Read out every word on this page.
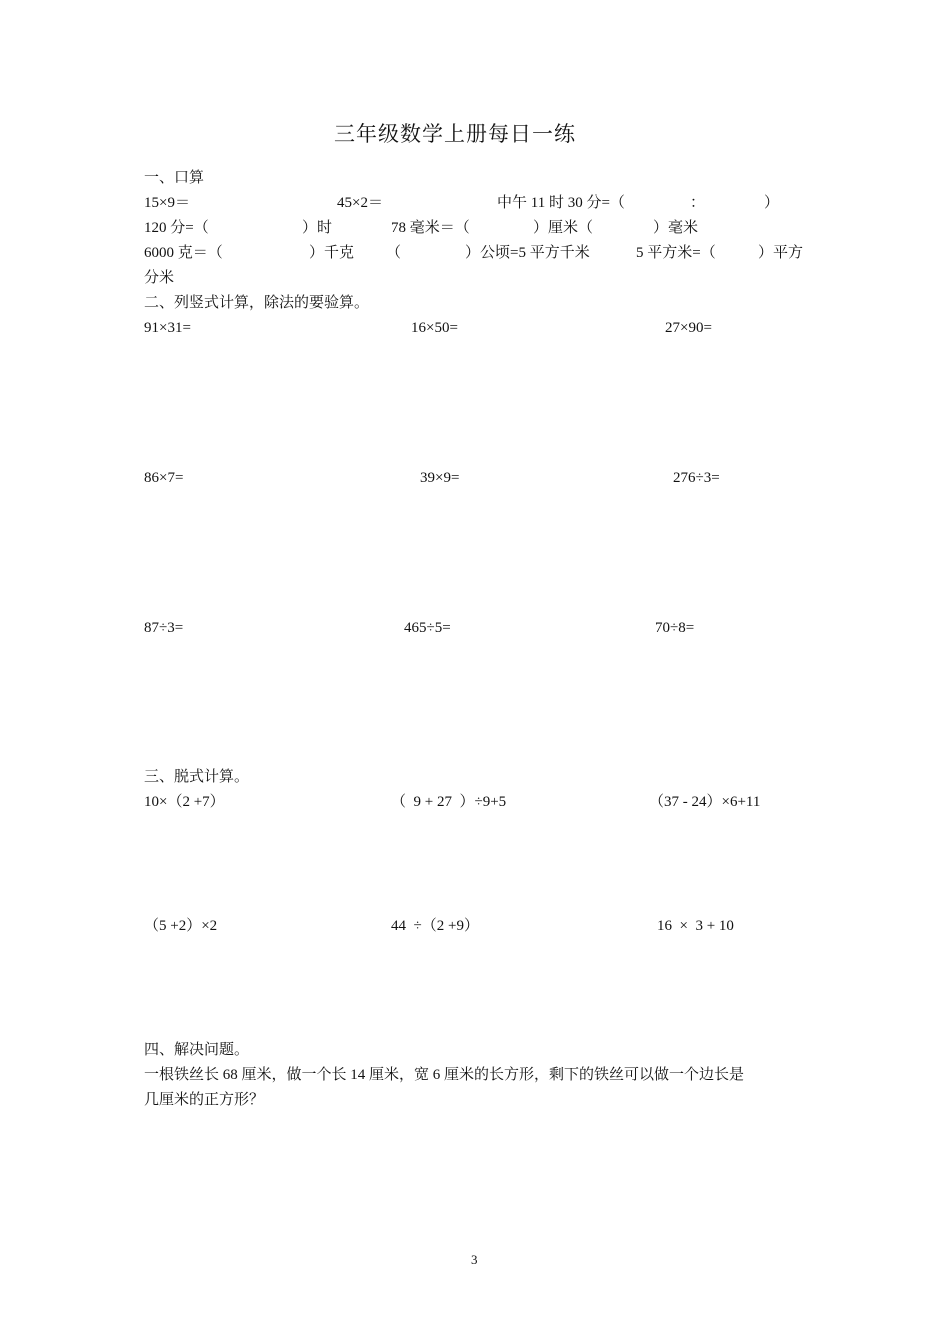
三年级数学上册每日一练
一、口算
15×9＝	45×2＝	中午 11 时 30 分=（	：	）
120 分=（	）时	78 毫米＝（	）厘米（	）毫米
6000 克＝（	）千克 （	）公顷=5 平方千米	5 平方米=（	）平方
分米
二、列竖式计算，除法的要验算。
91×31=	16×50=	27×90=
86×7=	39×9=	276÷3=
87÷3=	465÷5=	70÷8=
三、脱式计算。
10×（2 +7）	（  9 + 27  ）÷9+5	（37 - 24）×6+11
（5 +2）×2	44  ÷（2 +9）	16  ×  3 + 10
四、解决问题。
一根铁丝长 68 厘米，做一个长 14 厘米，宽 6 厘米的长方形，剩下的铁丝可以做一个边长是
几厘米的正方形？
3
